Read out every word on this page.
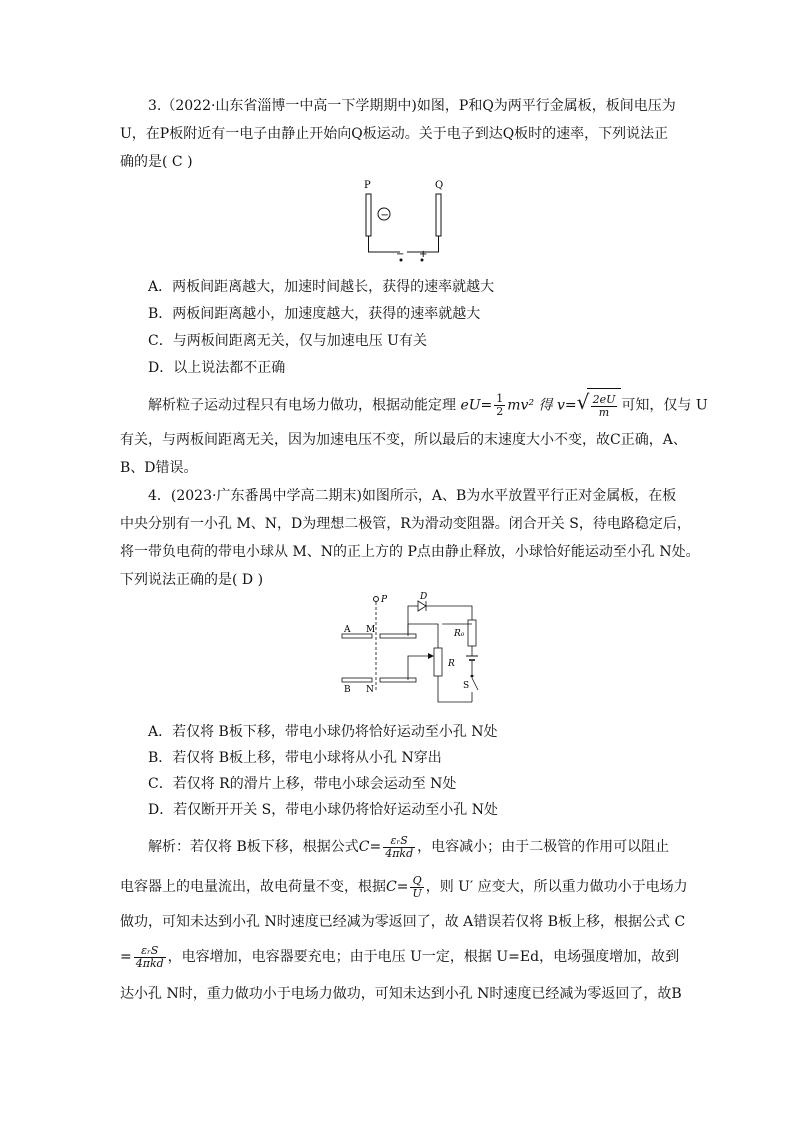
3.（2022·山东省淄博一中高一下学期期中)如图，P和Q为两平行金属板，板间电压为
U，在P板附近有一电子由静止开始向Q板运动。关于电子到达Q板时的速率，下列说法正
确的是( C )
P	Q
−
− +
A．两板间距离越大，加速时间越长，获得的速率就越大
B．两板间距离越小，加速度越大，获得的速率就越大
C．与两板间距离无关，仅与加速电压 U有关
D．以上说法都不正确
解析粒子运动过程只有电场力做功，根据动能定理 $eU= \frac{1}{2} mv^2$ 得 v= √ $\frac{2eU}{m}$ 可知，仅与 U
有关，与两板间距离无关，因为加速电压不变，所以最后的末速度大小不变，故C正确，A、
B、D错误。
4．(2023·广东番禺中学高二期末)如图所示，A、B为水平放置平行正对金属板，在板
中央分别有一小孔 M、N，D为理想二极管，R为滑动变阻器。闭合开关 S，待电路稳定后，
将一带负电荷的带电小球从 M、N的正上方的 P点由静止释放，小球恰好能运动至小孔 N处。
下列说法正确的是( D )
P
A M
B N
D
R₀
S
R
A．若仅将 B板下移，带电小球仍将恰好运动至小孔 N处
B．若仅将 B板上移，带电小球将从小孔 N穿出
C．若仅将 R的滑片上移，带电小球会运动至 N处
D．若仅断开开关 S，带电小球仍将恰好运动至小孔 N处
解析：若仅将 B板下移，根据公式$C= \frac{\text{εᵣS}}{\text{4πkd}}$ ，电容减小；由于二极管的作用可以阻止
电容器上的电量流出，故电荷量不变，根据$C= \frac{Q}{U}$ ，则 U′ 应变大，所以重力做功小于电场力
做功，可知未达到小孔 N时速度已经减为零返回了，故 A错误若仅将 B板上移，根据公式 C
= $\frac{\text{εᵣS}}{\text{4πkd}}$ ，电容增加，电容器要充电；由于电压 U一定，根据 U=Ed，电场强度增加，故到
达小孔 N时，重力做功小于电场力做功，可知未达到小孔 N时速度已经减为零返回了，故B
